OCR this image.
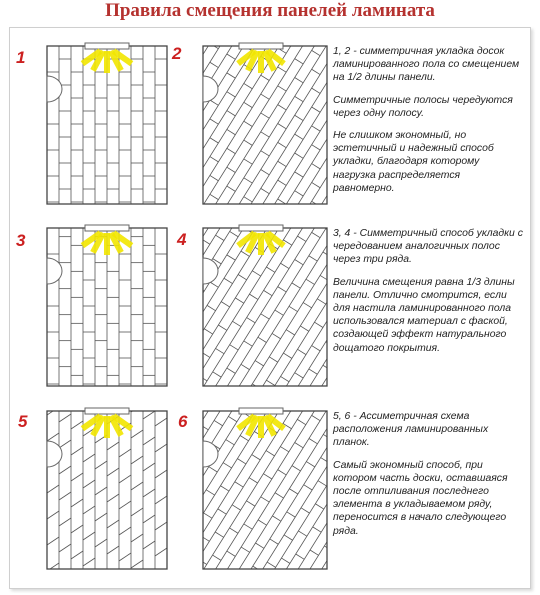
Правила смещения панелей ламината
1	2
3	4
5	6

1, 2 - симметричная укладка досок ламинированного пола со смещением на 1/2 длины панели.

Симметричные полосы чередуются через одну полосу.

Не слишком экономный, но эстетичный и надежный способ укладки, благодаря которому нагрузка распределяется равномерно.

3, 4 - Симметричный способ укладки с чередованием аналогичных полос через три ряда.

Величина смещения равна 1/3 длины панели. Отлично смотрится, если для настила ламинированного пола использовался материал с фаской, создающей эффект натурального дощатого покрытия.

5, 6 - Ассиметричная схема расположения ламинированных планок.

Самый экономный способ, при котором часть доски, оставшаяся после отпиливания последнего элемента в укладываемом ряду, переносится в начало следующего ряда.
